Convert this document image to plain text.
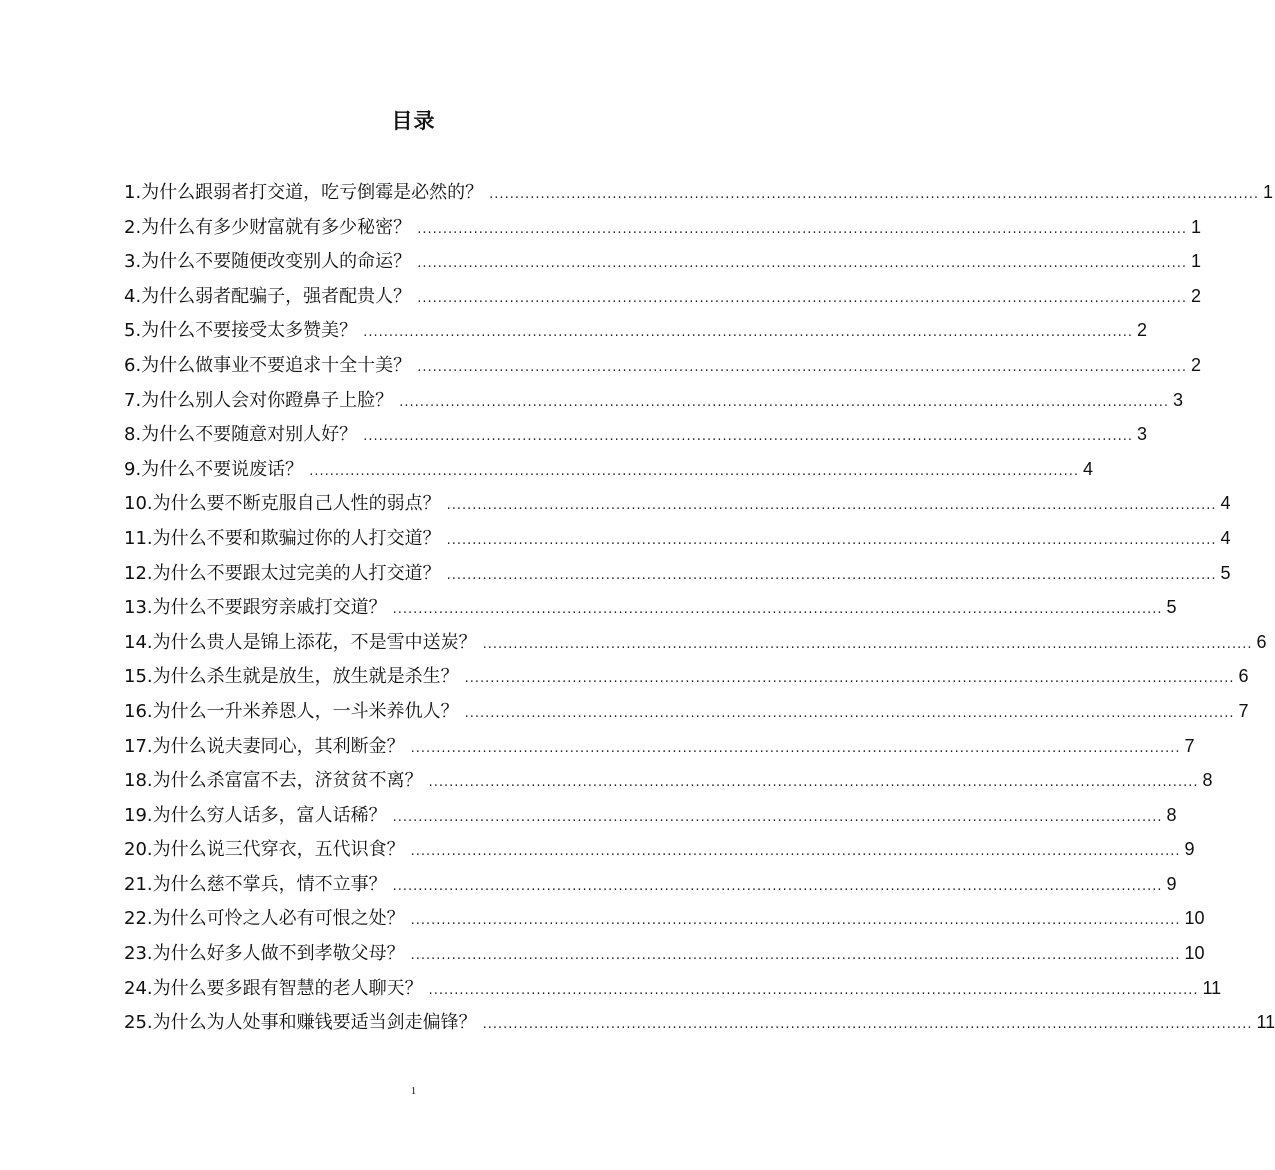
目录
1.为什么跟弱者打交道，吃亏倒霉是必然的？ .....	1
2.为什么有多少财富就有多少秘密？ .....	1
3.为什么不要随便改变别人的命运？ .....	1
4.为什么弱者配骗子，强者配贵人？ .....	2
5.为什么不要接受太多赞美？ .....	2
6.为什么做事业不要追求十全十美？ .....	2
7.为什么别人会对你蹬鼻子上脸？ .....	3
8.为什么不要随意对别人好？ .....	3
9.为什么不要说废话？ .....	4
10.为什么要不断克服自己人性的弱点？ .....	4
11.为什么不要和欺骗过你的人打交道？ .....	4
12.为什么不要跟太过完美的人打交道？ .....	5
13.为什么不要跟穷亲戚打交道？ .....	5
14.为什么贵人是锦上添花，不是雪中送炭？ .....	6
15.为什么杀生就是放生，放生就是杀生？ .....	6
16.为什么一升米养恩人，一斗米养仇人？ .....	7
17.为什么说夫妻同心，其利断金？ .....	7
18.为什么杀富富不去，济贫贫不离？ .....	8
19.为什么穷人话多，富人话稀？ .....	8
20.为什么说三代穿衣，五代识食？ .....	9
21.为什么慈不掌兵，情不立事？ .....	9
22.为什么可怜之人必有可恨之处？ .....	10
23.为什么好多人做不到孝敬父母？ .....	10
24.为什么要多跟有智慧的老人聊天？ .....	11
25.为什么为人处事和赚钱要适当剑走偏锋？ .....	11
1
